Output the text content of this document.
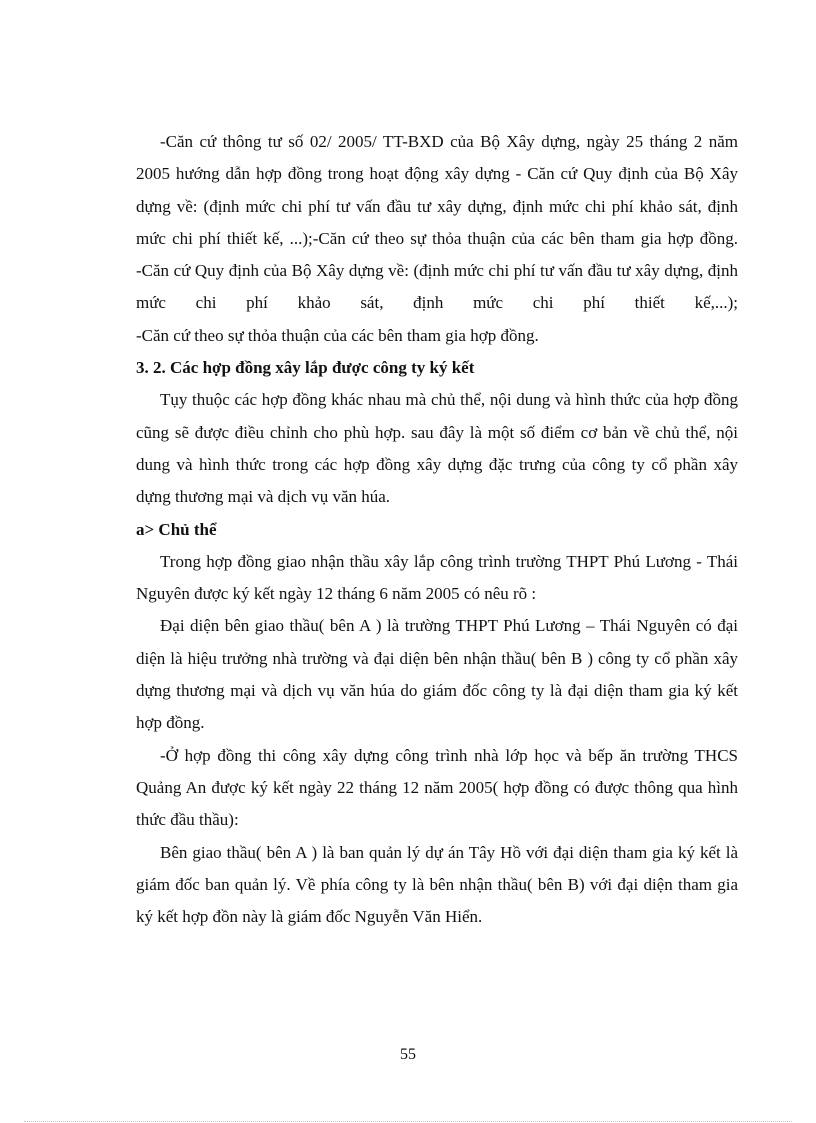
-Căn cứ thông tư số 02/ 2005/ TT-BXD của Bộ Xây dựng, ngày 25 tháng 2 năm 2005 hướng dẫn hợp đồng trong hoạt động xây dựng - Căn cứ Quy định của Bộ Xây dựng về: (định mức chi phí tư vấn đầu tư xây dựng, định mức chi phí khảo sát, định mức chi phí thiết kế, ...);-Căn cứ theo sự thỏa thuận của các bên tham gia hợp đồng.

-Căn cứ Quy định của Bộ Xây dựng về: (định mức chi phí tư vấn đầu tư xây dựng, định mức chi phí khảo sát, định mức chi phí thiết kế,...);

-Căn cứ theo sự thỏa thuận của các bên tham gia hợp đồng.

3. 2. Các hợp đồng xây lắp được công ty ký kết

Tụy thuộc các hợp đồng khác nhau mà chủ thể, nội dung và hình thức của hợp đồng cũng sẽ được điều chỉnh cho phù hợp. sau đây là một số điểm cơ bản về chủ thể, nội dung và hình thức trong các hợp đồng xây dựng đặc trưng của công ty cổ phần xây dựng thương mại và dịch vụ văn húa.

a> Chủ thể

Trong hợp đồng giao nhận thầu xây lắp công trình trường THPT Phú Lương - Thái Nguyên được ký kết ngày 12 tháng 6 năm 2005 có nêu rõ :

Đại diện bên giao thầu( bên A ) là trường THPT Phú Lương – Thái Nguyên có đại diện là hiệu trưởng nhà trường và đại diện bên nhận thầu( bên B ) công ty cổ phần xây dựng thương mại và dịch vụ văn húa do giám đốc công ty là đại diện tham gia ký kết hợp đồng.

-Ở hợp đồng thi công xây dựng công trình nhà lớp học và bếp ăn trường THCS Quảng An được ký kết ngày 22 tháng 12 năm 2005( hợp đồng có được thông qua hình thức đầu thầu):

Bên giao thầu( bên A ) là ban quản lý dự án Tây Hồ với đại diện tham gia ký kết là giám đốc ban quản lý. Về phía công ty là bên nhận thầu( bên B) với đại diện tham gia ký kết hợp đồn này là giám đốc Nguyễn Văn Hiển.

55
